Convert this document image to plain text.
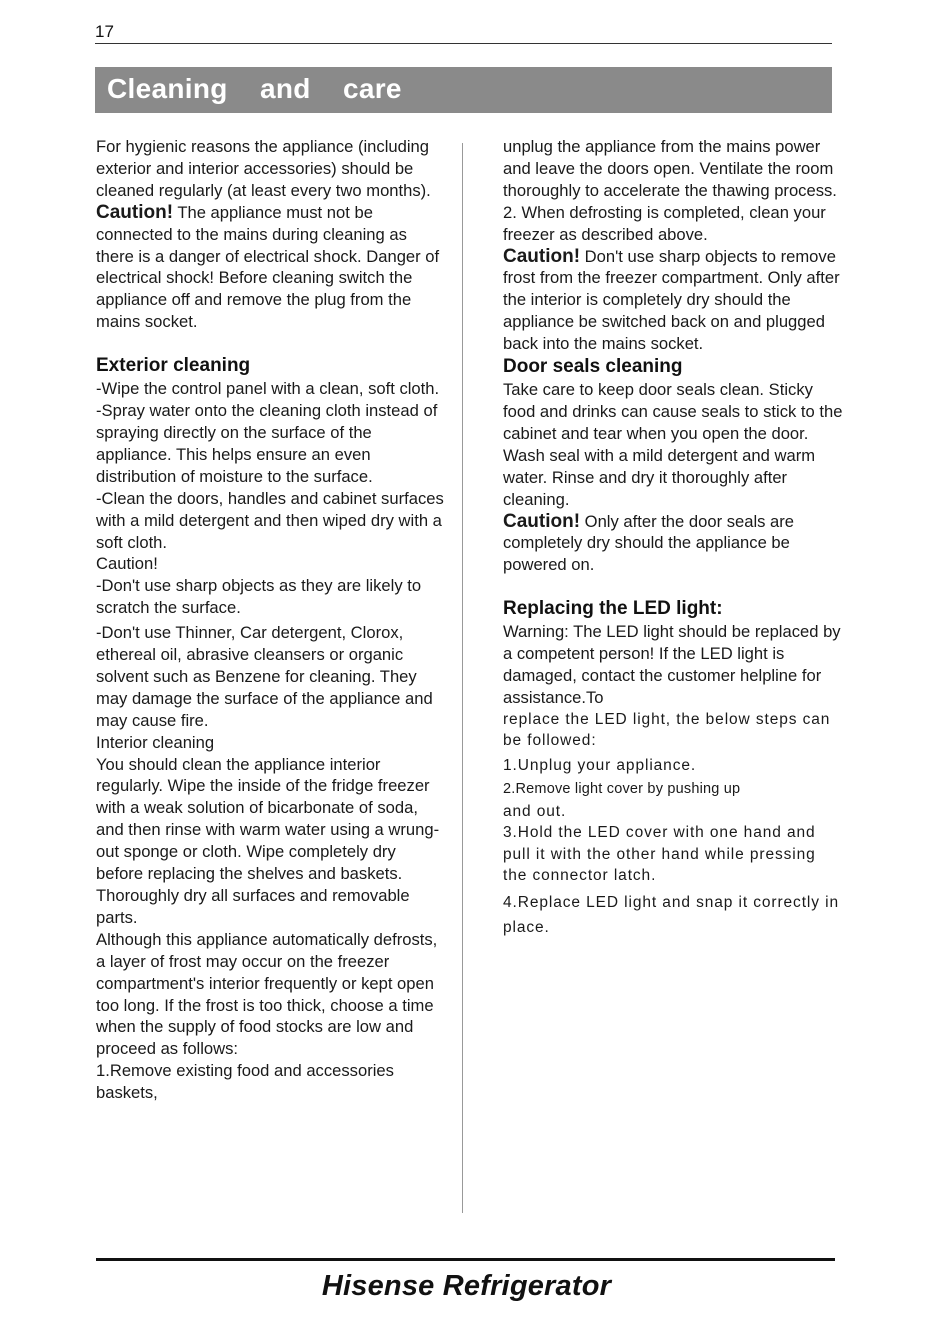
17
Cleaning    and    care

For hygienic reasons the appliance (including exterior and interior accessories) should be cleaned regularly (at least every two months).

Caution! The appliance must not be connected to the mains during cleaning as there is a danger of electrical shock. Danger of electrical shock! Before cleaning switch the appliance off and remove the plug from the mains socket.

Exterior cleaning

-Wipe the control panel with a clean, soft cloth.

-Spray water onto the cleaning cloth instead of spraying directly on the surface of the appliance. This helps ensure an even distribution of moisture to the surface.

-Clean the doors, handles and cabinet surfaces with a mild detergent and then wiped dry with a soft cloth.

Caution!

-Don't use sharp objects as they are likely to scratch the surface.

-Don't use Thinner, Car detergent, Clorox, ethereal oil, abrasive cleansers or organic solvent such as Benzene for cleaning. They may damage the surface of the appliance and may cause fire.

Interior cleaning

You should clean the appliance interior regularly. Wipe the inside of the fridge freezer with a weak solution of bicarbonate of soda, and then rinse with warm water using a wrung-out sponge or cloth. Wipe completely dry before replacing the shelves and baskets.

Thoroughly dry all surfaces and removable parts.

Although this appliance automatically defrosts, a layer of frost may occur on the freezer compartment's interior frequently or kept open too long. If the frost is too thick, choose a time when the supply of food stocks are low and proceed as follows:

1.Remove existing food and accessories baskets,

unplug the appliance from the mains power and leave the doors open. Ventilate the room thoroughly to accelerate the thawing process.

2. When defrosting is completed, clean your freezer as described above.

Caution! Don't use sharp objects to remove frost from the freezer compartment. Only after the interior is completely dry should the appliance be switched back on and plugged back into the mains socket.

Door seals cleaning

Take care to keep door seals clean. Sticky food and drinks can cause seals to stick to the cabinet and tear when you open the door. Wash seal with a mild detergent and warm water. Rinse and dry it thoroughly after cleaning.

Caution! Only after the door seals are completely dry should the appliance be powered on.

Replacing the LED light:

Warning: The LED light should be replaced by a competent person! If the LED light is damaged, contact the customer helpline for assistance.To

replace the LED light, the below steps can be followed:

1.Unplug your appliance.

2.Remove light cover by pushing up

and out.

3.Hold the LED cover with one hand and pull it with the other hand while pressing the connector latch.

4.Replace LED light and snap it correctly in place.

Hisense Refrigerator
